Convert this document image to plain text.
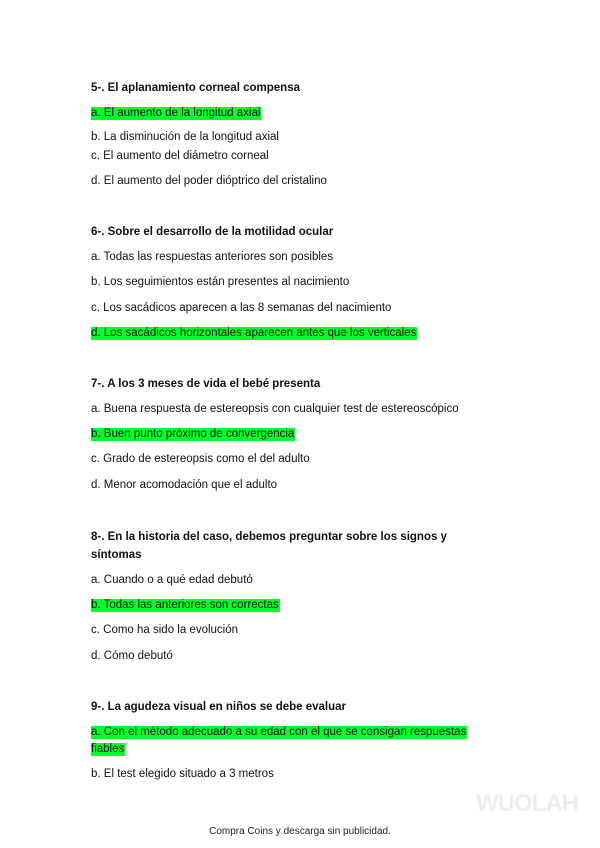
5-. El aplanamiento corneal compensa

a. El aumento de la longitud axial

b. La disminución de la longitud axial

c. El aumento del diámetro corneal

d. El aumento del poder dióptrico del cristalino

6-. Sobre el desarrollo de la motilidad ocular

a. Todas las respuestas anteriores son posibles

b. Los seguimientos están presentes al nacimiento

c. Los sacádicos aparecen a las 8 semanas del nacimiento

d. Los sacádicos horizontales aparecen antes que los verticales

7-. A los 3 meses de vida el bebé presenta

a. Buena respuesta de estereopsis con cualquier test de estereoscópico

b. Buen punto próximo de convergencia

c. Grado de estereopsis como el del adulto

d. Menor acomodación que el adulto

8-. En la historia del caso, debemos preguntar sobre los signos y síntomas

a. Cuando o a qué edad debutó

b. Todas las anteriores son correctas

c. Como ha sido la evolución

d. Cómo debutó

9-. La agudeza visual en niños se debe evaluar

a. Con el método adecuado a su edad con el que se consigan respuestas fiables

b. El test elegido situado a 3 metros

WUOLAH
Compra Coins y descarga sin publicidad.
